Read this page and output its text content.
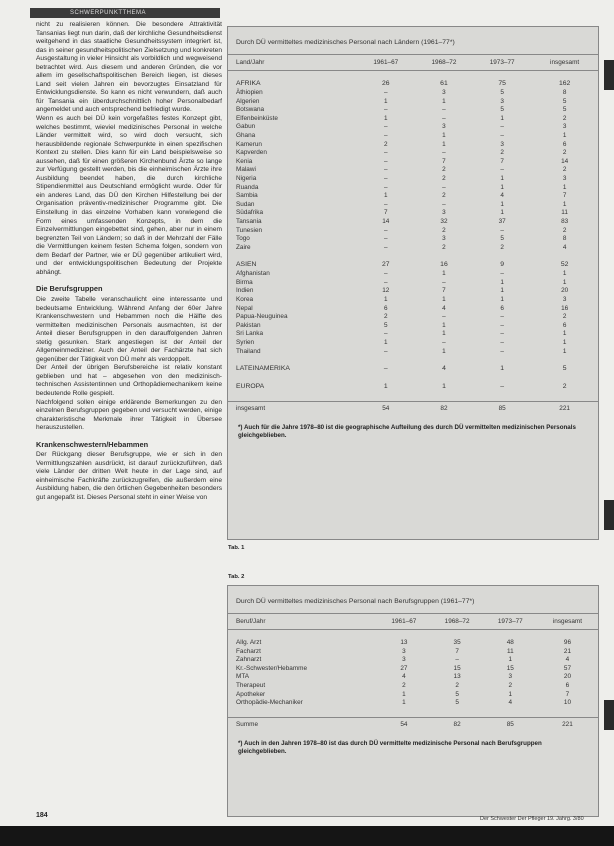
SCHWERPUNKTTHEMA

nicht zu realisieren können. Die besondere Attraktivität Tansanias liegt nun darin, daß der kirchliche Gesundheitsdienst weitgehend in das staatliche Gesundheitssystem integriert ist, das in seiner gesundheitspolitischen Zielsetzung und konkreten Ausgestaltung in vieler Hinsicht als vorbildlich und wegweisend betrachtet wird. Aus diesem und anderen Gründen, die vor allem im gesellschaftspolitischen Bereich liegen, ist dieses Land seit vielen Jahren ein bevorzugtes Einsatzland für Entwicklungsdienste. So kann es nicht verwundern, daß auch für Tansania ein überdurchschnittlich hoher Personalbedarf angemeldet und auch entsprechend befriedigt wurde.

Wenn es auch bei DÜ kein vorgefaßtes festes Konzept gibt, welches bestimmt, wieviel medizinisches Personal in welche Länder vermittelt wird, so wird doch versucht, sich herausbildende regionale Schwerpunkte in einen spezifischen Kontext zu stellen. Dies kann für ein Land beispielsweise so aussehen, daß für einen größeren Kirchenbund Ärzte so lange zur Verfügung gestellt werden, bis die einheimischen Ärzte ihre Ausbildung beendet haben, die durch kirchliche Stipendienmittel aus Deutschland ermöglicht wurde. Oder für ein anderes Land, das DÜ den Kirchen Hilfestellung bei der Organisation präventiv-medizinischer Programme gibt. Die Einstellung in das einzelne Vorhaben kann vorwiegend die Form eines umfassenden Konzepts, in dem die Einzelvermittlungen eingebettet sind, gehen, aber nur in einem begrenzten Teil von Ländern; so daß in der Mehrzahl der Fälle die Vermittlungen keinem festen Schema folgen, sondern von dem Bedarf der Partner, wie er DÜ gegenüber artikuliert wird, und der entwicklungspolitischen Bedeutung der Projekte abhängt.

Die Berufsgruppen

Die zweite Tabelle veranschaulicht eine interessante und bedeutsame Entwicklung. Während Anfang der 60er Jahre Krankenschwestern und Hebammen noch die Hälfte des vermittelten medizinischen Personals ausmachten, ist der Anteil dieser Berufsgruppen in den darauffolgenden Jahren stetig gesunken. Stark angestiegen ist der Anteil der Allgemeinmediziner. Auch der Anteil der Fachärzte hat sich gegenüber der Tätigkeit von DÜ mehr als verdoppelt.

Der Anteil der übrigen Berufsbereiche ist relativ konstant geblieben und hat – abgesehen von den medizinisch-technischen Assistentinnen und Orthopädiemechanikern keine bedeutende Rolle gespielt.

Nachfolgend sollen einige erklärende Bemerkungen zu den einzelnen Berufsgruppen gegeben und versucht werden, einige charakteristische Merkmale ihrer Tätigkeit in Übersee herauszustellen.

Krankenschwestern/Hebammen

Der Rückgang dieser Berufsgruppe, wie er sich in den Vermittlungszahlen ausdrückt, ist darauf zurückzuführen, daß viele Länder der dritten Welt heute in der Lage sind, auf einheimische Fachkräfte zurückzugreifen, die außerdem eine Ausbildung haben, die den örtlichen Gegebenheiten besonders gut angepaßt ist. Dieses Personal steht in einer Weise von

Durch DÜ vermitteltes medizinisches Personal nach Ländern (1961–77*)
Land/Jahr	1961–67	1968–72	1973–77	insgesamt

AFRIKA	26	61	75	162
Äthiopien	–	3	5	8
Algerien	1	1	3	5
Botswana	–	–	5	5
Elfenbeinküste	1	–	1	2
Gabun	–	3	–	3
Ghana	–	1	–	1
Kamerun	2	1	3	6
Kapverden	–	–	2	2
Kenia	–	7	7	14
Malawi	–	2	–	2
Nigeria	–	2	1	3
Ruanda	–	–	1	1
Sambia	1	2	4	7
Sudan	–	–	1	1
Südafrika	7	3	1	11
Tansania	14	32	37	83
Tunesien	–	2	–	2
Togo	–	3	5	8
Zaire	–	2	2	4

ASIEN	27	16	9	52
Afghanistan	–	1	–	1
Birma	–	–	1	1
Indien	12	7	1	20
Korea	1	1	1	3
Nepal	6	4	6	16
Papua-Neuguinea	2	–	–	2
Pakistan	5	1	–	6
Sri Lanka	–	1	–	1
Syrien	1	–	–	1
Thailand	–	1	–	1

LATEINAMERIKA	–	4	1	5

EUROPA	1	1	–	2

insgesamt	54	82	85	221
*) Auch für die Jahre 1978–80 ist die geographische Aufteilung des durch DÜ vermittelten medizinischen Personals gleichgeblieben.
Tab. 1
Tab. 2
Durch DÜ vermitteltes medizinisches Personal nach Berufsgruppen (1961–77*)
Beruf/Jahr	1961–67	1968–72	1973–77	insgesamt

Allg. Arzt	13	35	48	96
Facharzt	3	7	11	21
Zahnarzt	3	–	1	4
Kr.-Schwester/Hebamme	27	15	15	57
MTA	4	13	3	20
Therapeut	2	2	2	6
Apotheker	1	5	1	7
Orthopädie-Mechaniker	1	5	4	10

Summe	54	82	85	221
*) Auch in den Jahren 1978–80 ist das durch DÜ vermittelte medizinische Personal nach Berufsgruppen gleichgeblieben.
184	Der Schwester Der Pfleger 19. Jahrg. 3/80
